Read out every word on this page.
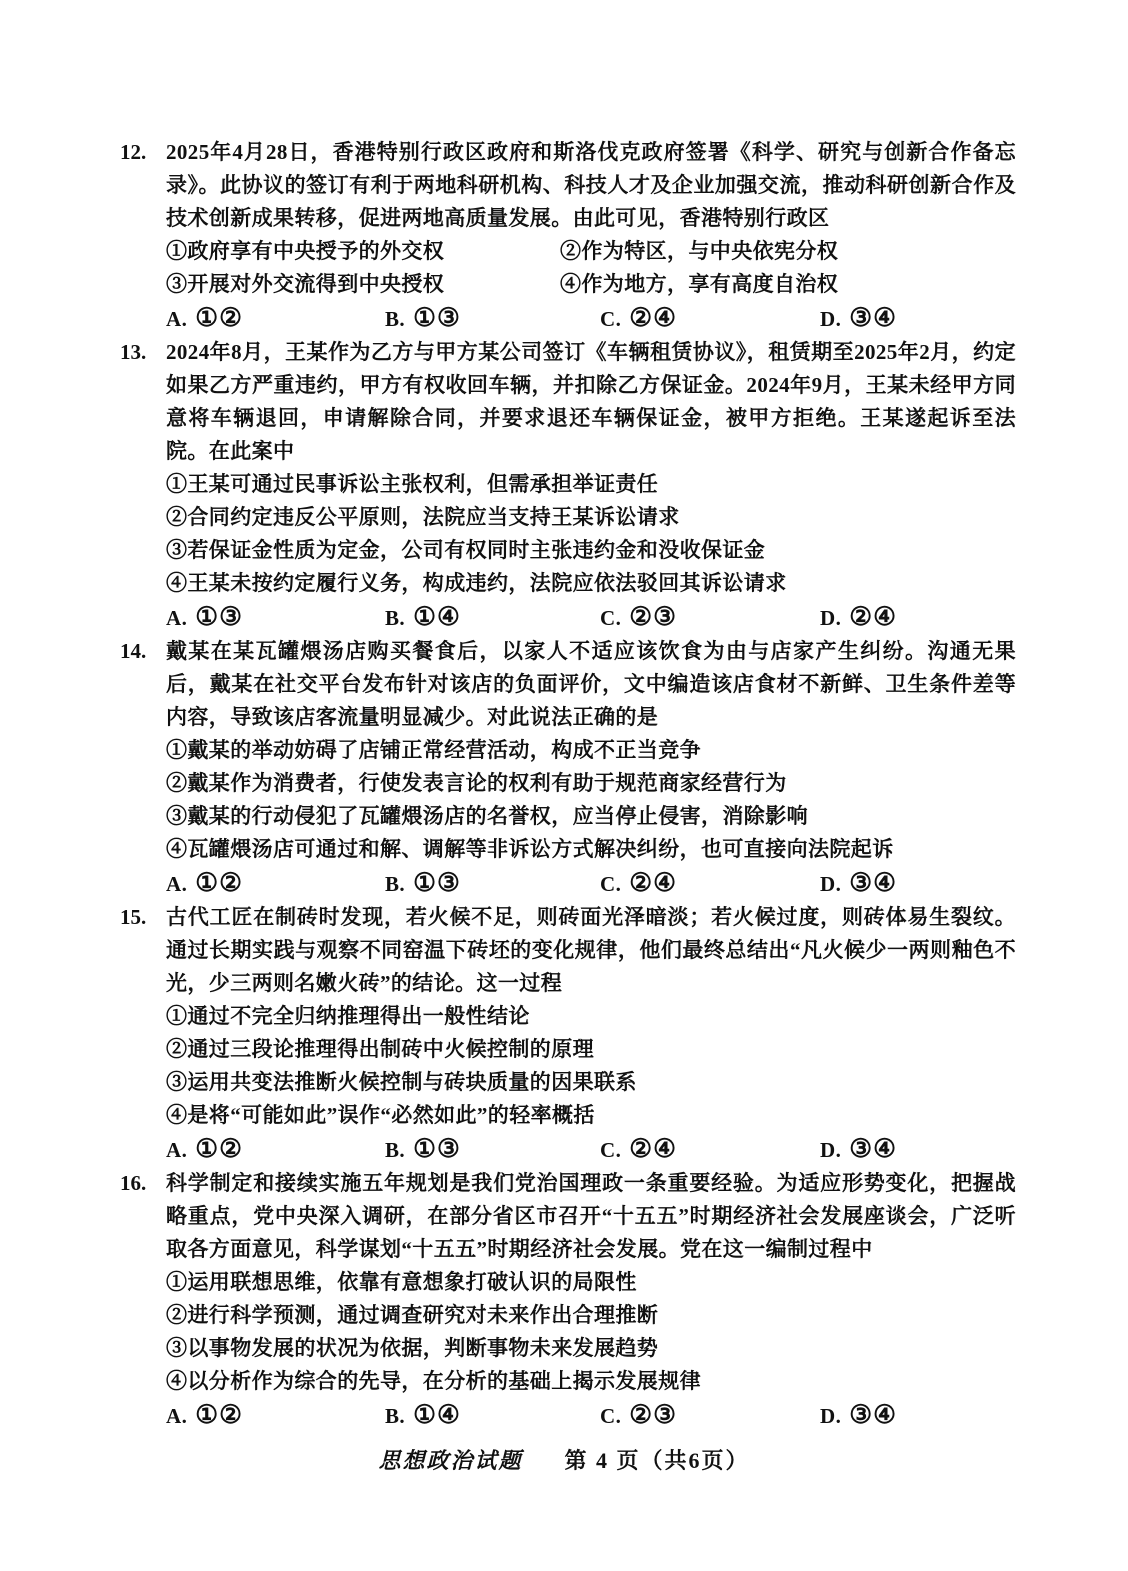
12. 2025年4月28日，香港特别行政区政府和斯洛伐克政府签署《科学、研究与创新合作备忘录》。此协议的签订有利于两地科研机构、科技人才及企业加强交流，推动科研创新合作及技术创新成果转移，促进两地高质量发展。由此可见，香港特别行政区
①政府享有中央授予的外交权	②作为特区，与中央依宪分权
③开展对外交流得到中央授权	④作为地方，享有高度自治权
A. ①②	B. ①③	C. ②④	D. ③④
13. 2024年8月，王某作为乙方与甲方某公司签订《车辆租赁协议》，租赁期至2025年2月，约定如果乙方严重违约，甲方有权收回车辆，并扣除乙方保证金。2024年9月，王某未经甲方同意将车辆退回，申请解除合同，并要求退还车辆保证金，被甲方拒绝。王某遂起诉至法院。在此案中
①王某可通过民事诉讼主张权利，但需承担举证责任
②合同约定违反公平原则，法院应当支持王某诉讼请求
③若保证金性质为定金，公司有权同时主张违约金和没收保证金
④王某未按约定履行义务，构成违约，法院应依法驳回其诉讼请求
A. ①③	B. ①④	C. ②③	D. ②④
14. 戴某在某瓦罐煨汤店购买餐食后，以家人不适应该饮食为由与店家产生纠纷。沟通无果后，戴某在社交平台发布针对该店的负面评价，文中编造该店食材不新鲜、卫生条件差等内容，导致该店客流量明显减少。对此说法正确的是
①戴某的举动妨碍了店铺正常经营活动，构成不正当竞争
②戴某作为消费者，行使发表言论的权利有助于规范商家经营行为
③戴某的行动侵犯了瓦罐煨汤店的名誉权，应当停止侵害，消除影响
④瓦罐煨汤店可通过和解、调解等非诉讼方式解决纠纷，也可直接向法院起诉
A. ①②	B. ①③	C. ②④	D. ③④
15. 古代工匠在制砖时发现，若火候不足，则砖面光泽暗淡；若火候过度，则砖体易生裂纹。通过长期实践与观察不同窑温下砖坯的变化规律，他们最终总结出“凡火候少一两则釉色不光，少三两则名嫩火砖”的结论。这一过程
①通过不完全归纳推理得出一般性结论
②通过三段论推理得出制砖中火候控制的原理
③运用共变法推断火候控制与砖块质量的因果联系
④是将“可能如此”误作“必然如此”的轻率概括
A. ①②	B. ①③	C. ②④	D. ③④
16. 科学制定和接续实施五年规划是我们党治国理政一条重要经验。为适应形势变化，把握战略重点，党中央深入调研，在部分省区市召开“十五五”时期经济社会发展座谈会，广泛听取各方面意见，科学谋划“十五五”时期经济社会发展。党在这一编制过程中
①运用联想思维，依靠有意想象打破认识的局限性
②进行科学预测，通过调查研究对未来作出合理推断
③以事物发展的状况为依据，判断事物未来发展趋势
④以分析作为综合的先导，在分析的基础上揭示发展规律
A. ①②	B. ①④	C. ②③	D. ③④
思想政治试题 第 4 页（共6页）
